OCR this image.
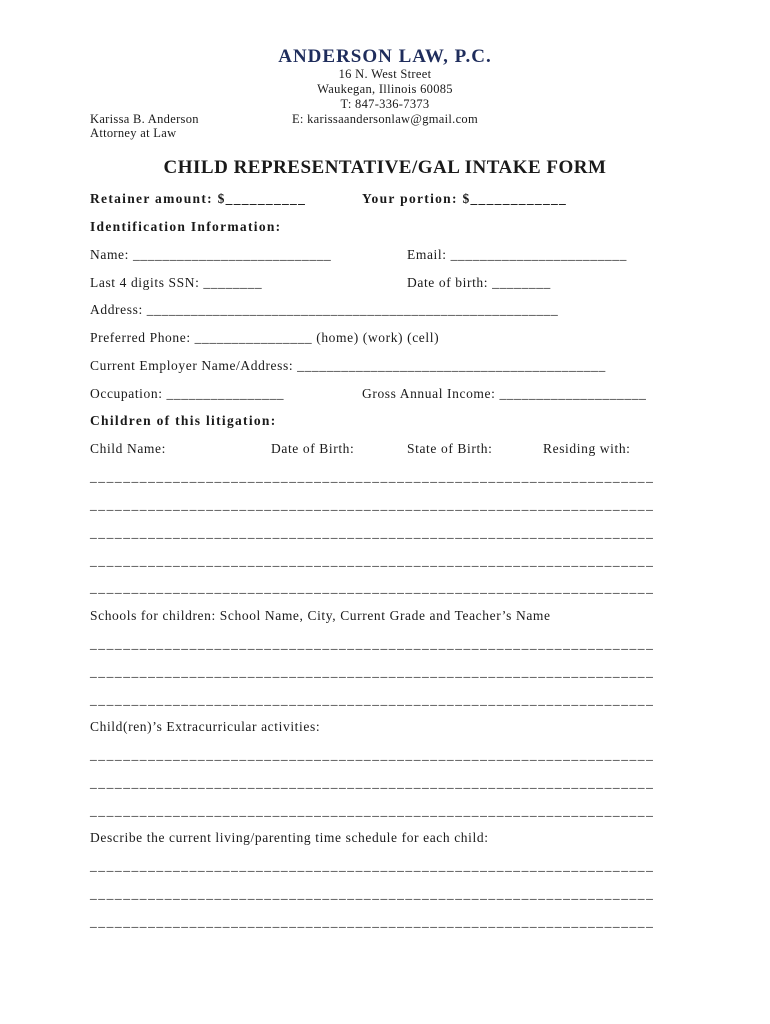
ANDERSON LAW, P.C.
16 N. West Street
Waukegan, Illinois 60085
T: 847-336-7373
E: karissaandersonlaw@gmail.com
Karissa B. Anderson
Attorney at Law
CHILD REPRESENTATIVE/GAL INTAKE FORM
Retainer amount: $__________	Your portion: $____________
Identification Information:
Name: ___________________________	Email: ________________________
Last 4 digits SSN: ________	Date of birth: ________
Address: ________________________________________________________
Preferred Phone: ________________ (home) (work) (cell)
Current Employer Name/Address: __________________________________________
Occupation: ________________	Gross Annual Income: ____________________
Children of this litigation:
Child Name:	Date of Birth:	State of Birth:	Residing with:
____________________________________________________________________
____________________________________________________________________
____________________________________________________________________
____________________________________________________________________
____________________________________________________________________
Schools for children: School Name, City, Current Grade and Teacher’s Name
____________________________________________________________________
____________________________________________________________________
____________________________________________________________________
Child(ren)’s Extracurricular activities:
____________________________________________________________________
____________________________________________________________________
____________________________________________________________________
Describe the current living/parenting time schedule for each child:
____________________________________________________________________
____________________________________________________________________
____________________________________________________________________
